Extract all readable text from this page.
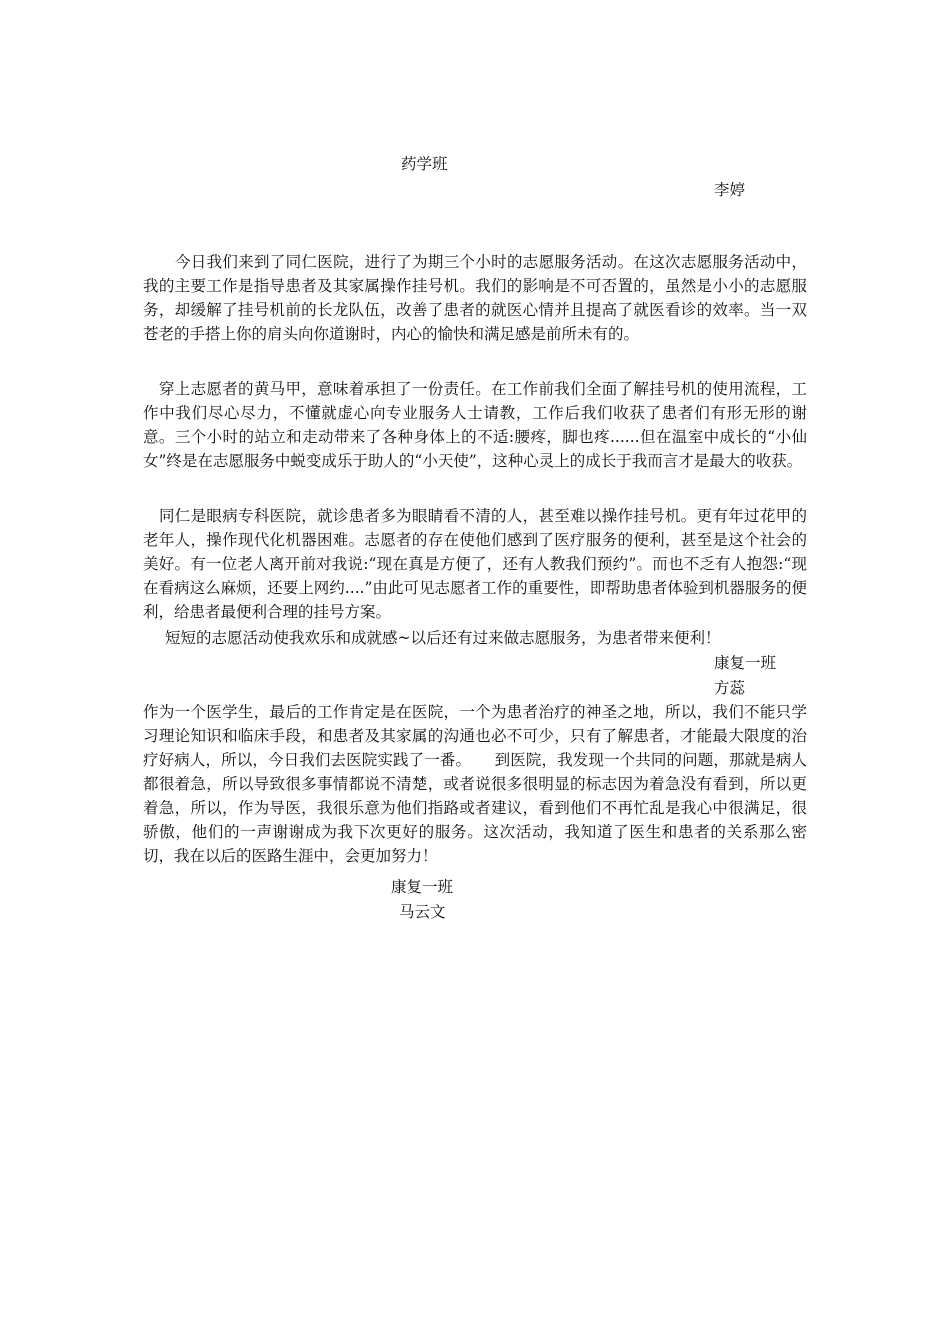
药学班
李婷
今日我们来到了同仁医院，进行了为期三个小时的志愿服务活动。在这次志愿服务活动中，我的主要工作是指导患者及其家属操作挂号机。我们的影响是不可否置的，虽然是小小的志愿服务，却缓解了挂号机前的长龙队伍，改善了患者的就医心情并且提高了就医看诊的效率。当一双苍老的手搭上你的肩头向你道谢时，内心的愉快和满足感是前所未有的。
穿上志愿者的黄马甲，意味着承担了一份责任。在工作前我们全面了解挂号机的使用流程，工作中我们尽心尽力，不懂就虚心向专业服务人士请教，工作后我们收获了患者们有形无形的谢意。三个小时的站立和走动带来了各种身体上的不适:腰疼，脚也疼......但在温室中成长的“小仙女”终是在志愿服务中蜕变成乐于助人的“小天使”，这种心灵上的成长于我而言才是最大的收获。
同仁是眼病专科医院，就诊患者多为眼睛看不清的人，甚至难以操作挂号机。更有年过花甲的老年人，操作现代化机器困难。志愿者的存在使他们感到了医疗服务的便利，甚至是这个社会的美好。有一位老人离开前对我说:“现在真是方便了，还有人教我们预约”。而也不乏有人抱怨:“现在看病这么麻烦，还要上网约....”由此可见志愿者工作的重要性，即帮助患者体验到机器服务的便利，给患者最便利合理的挂号方案。
短短的志愿活动使我欢乐和成就感~以后还有过来做志愿服务，为患者带来便利！
康复一班
方蕊
作为一个医学生，最后的工作肯定是在医院，一个为患者治疗的神圣之地，所以，我们不能只学习理论知识和临床手段，和患者及其家属的沟通也必不可少，只有了解患者，才能最大限度的治疗好病人，所以，今日我们去医院实践了一番。　　到医院，我发现一个共同的问题，那就是病人都很着急，所以导致很多事情都说不清楚，或者说很多很明显的标志因为着急没有看到，所以更着急，所以，作为导医，我很乐意为他们指路或者建议，看到他们不再忙乱是我心中很满足，很骄傲，他们的一声谢谢成为我下次更好的服务。这次活动，我知道了医生和患者的关系那么密切，我在以后的医路生涯中，会更加努力！
康复一班
马云文
